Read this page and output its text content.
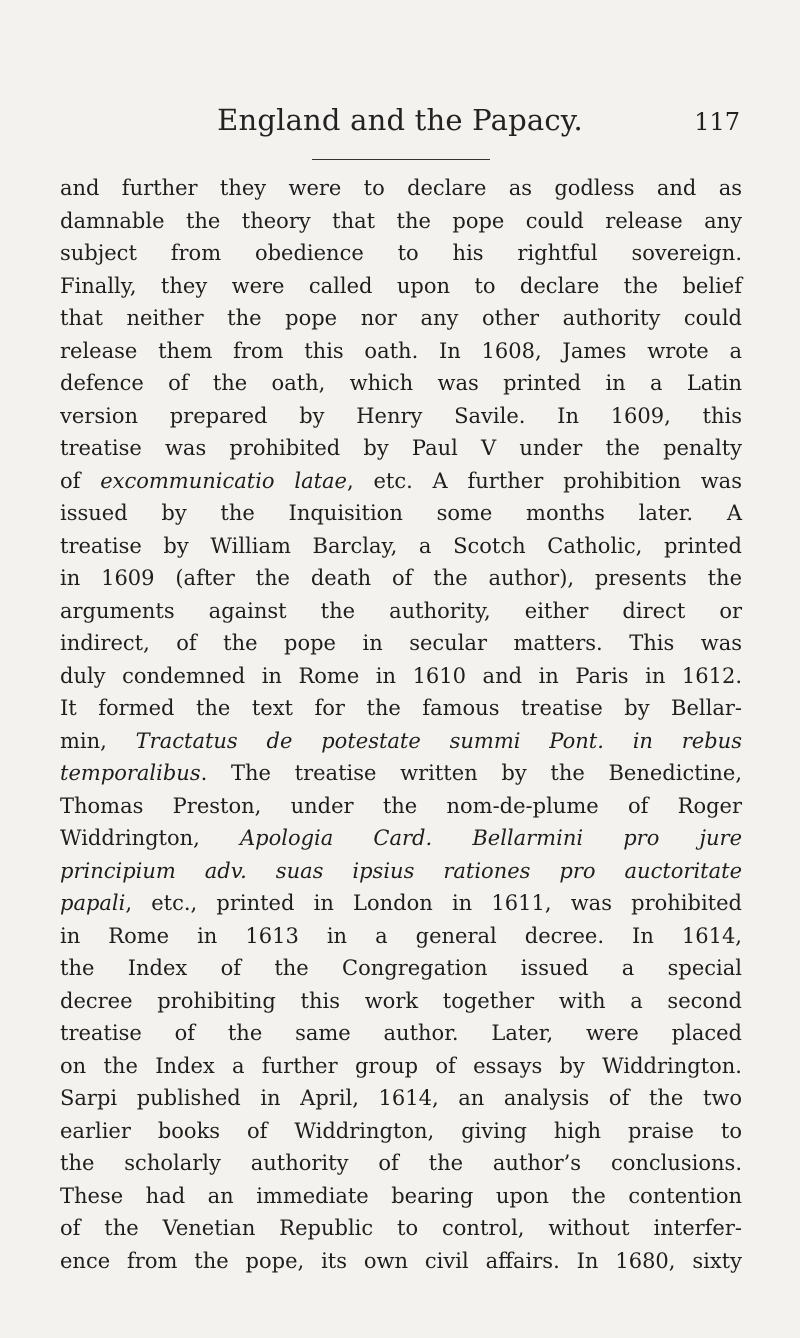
England and the Papacy.	117
and further they were to declare as godless and as
damnable the theory that the pope could release any
subject from obedience to his rightful sovereign.
Finally, they were called upon to declare the belief
that neither the pope nor any other authority could
release them from this oath. In 1608, James wrote a
defence of the oath, which was printed in a Latin
version prepared by Henry Savile. In 1609, this
treatise was prohibited by Paul V under the penalty
of excommunicatio latae, etc. A further prohibition was
issued by the Inquisition some months later. A
treatise by William Barclay, a Scotch Catholic, printed
in 1609 (after the death of the author), presents the
arguments against the authority, either direct or
indirect, of the pope in secular matters. This was
duly condemned in Rome in 1610 and in Paris in 1612.
It formed the text for the famous treatise by Bellar-
min, Tractatus de potestate summi Pont. in rebus
temporalibus. The treatise written by the Benedictine,
Thomas Preston, under the nom-de-plume of Roger
Widdrington, Apologia Card. Bellarmini pro jure
principium adv. suas ipsius rationes pro auctoritate
papali, etc., printed in London in 1611, was prohibited
in Rome in 1613 in a general decree. In 1614,
the Index of the Congregation issued a special
decree prohibiting this work together with a second
treatise of the same author. Later, were placed
on the Index a further group of essays by Widdrington.
Sarpi published in April, 1614, an analysis of the two
earlier books of Widdrington, giving high praise to
the scholarly authority of the author’s conclusions.
These had an immediate bearing upon the contention
of the Venetian Republic to control, without interfer-
ence from the pope, its own civil affairs. In 1680, sixty
